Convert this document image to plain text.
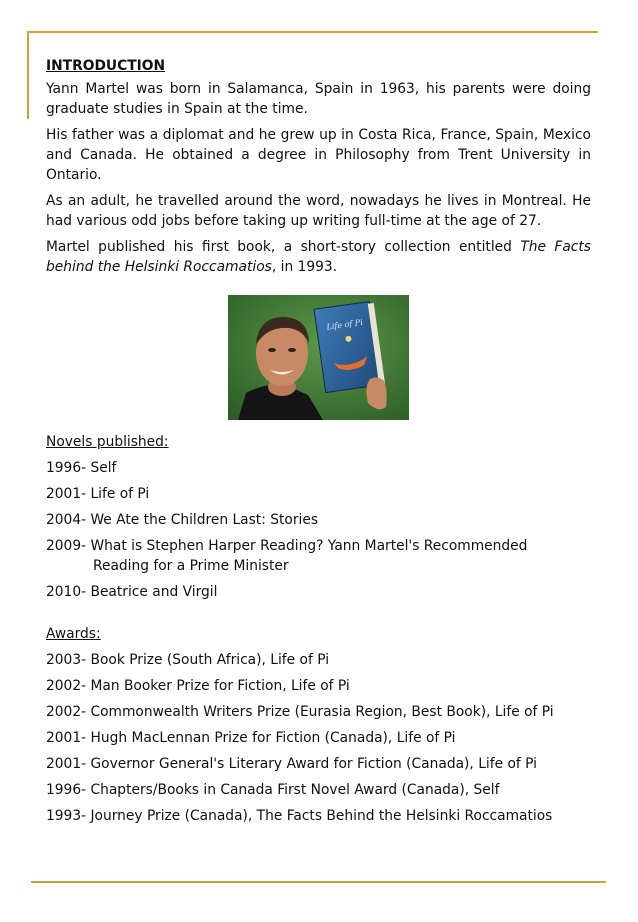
INTRODUCTION

Yann Martel was born in Salamanca, Spain in 1963, his parents were doing graduate studies in Spain at the time.

His father was a diplomat and he grew up in Costa Rica, France, Spain, Mexico and Canada. He obtained a degree in Philosophy from Trent University in Ontario.

As an adult, he travelled around the word, nowadays he lives in Montreal. He had various odd jobs before taking up writing full-time at the age of 27.

Martel published his first book, a short-story collection entitled The Facts behind the Helsinki Roccamatios, in 1993.

Life of Pi
Novels published:
1996- Self
2001- Life of Pi
2004- We Ate the Children Last: Stories
2009- What is Stephen Harper Reading? Yann Martel's Recommended
Reading for a Prime Minister
2010- Beatrice and Virgil
Awards:
2003- Book Prize (South Africa), Life of Pi
2002- Man Booker Prize for Fiction, Life of Pi
2002- Commonwealth Writers Prize (Eurasia Region, Best Book), Life of Pi
2001- Hugh MacLennan Prize for Fiction (Canada), Life of Pi
2001- Governor General's Literary Award for Fiction (Canada), Life of Pi
1996- Chapters/Books in Canada First Novel Award (Canada), Self
1993- Journey Prize (Canada), The Facts Behind the Helsinki Roccamatios
